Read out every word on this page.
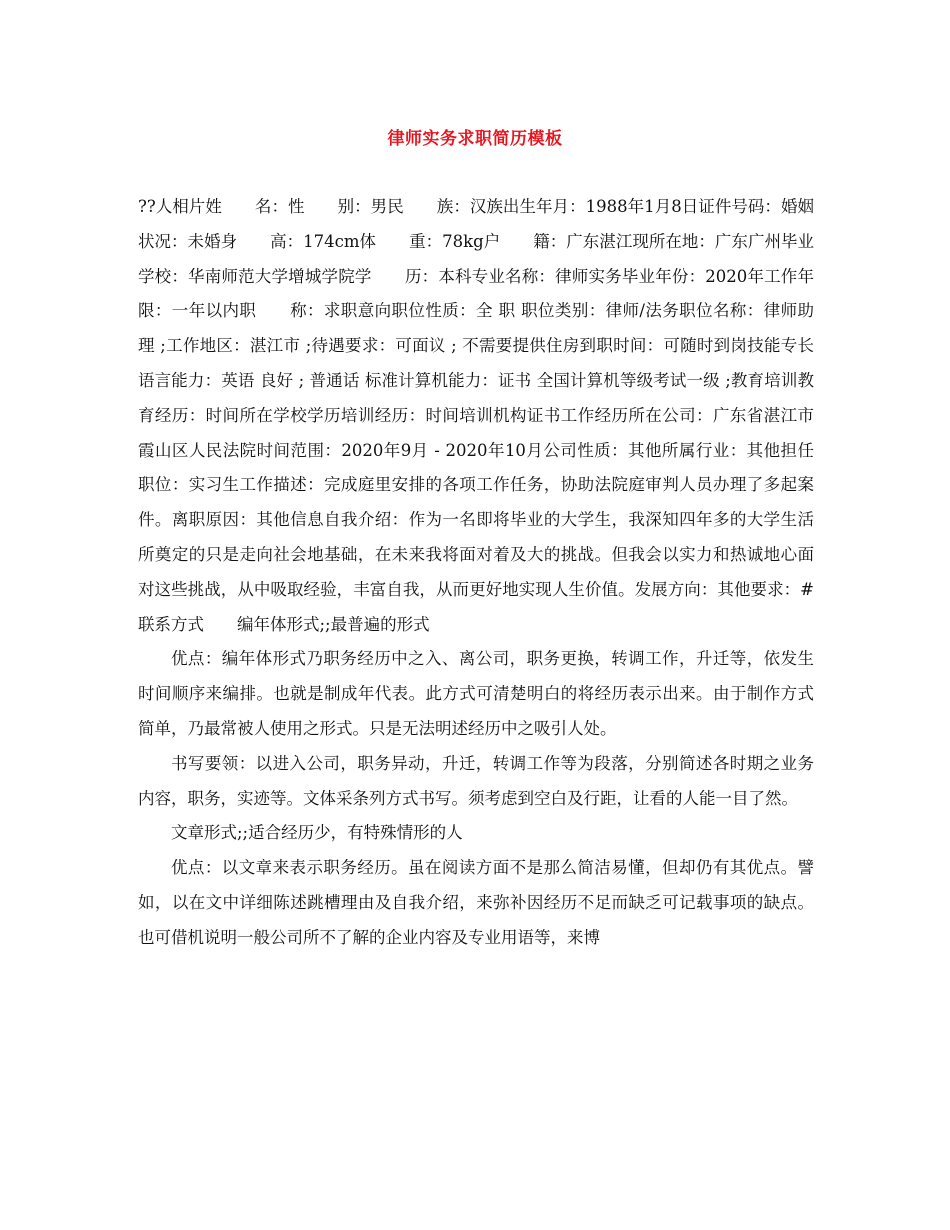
律师实务求职简历模板

??人相片姓　　名：性　　别：男民　　族：汉族出生年月：1988年1月8日证件号码：婚姻状况：未婚身　　高：174cm体　　重：78kg户　　籍：广东湛江现所在地：广东广州毕业学校：华南师范大学增城学院学　　历：本科专业名称：律师实务毕业年份：2020年工作年限：一年以内职　　称：求职意向职位性质：全 职 职位类别：律师/法务职位名称：律师助理 ;工作地区：湛江市 ;待遇要求：可面议 ; 不需要提供住房到职时间：可随时到岗技能专长语言能力：英语 良好 ; 普通话 标准计算机能力：证书 全国计算机等级考试一级 ;教育培训教育经历：时间所在学校学历培训经历：时间培训机构证书工作经历所在公司：广东省湛江市霞山区人民法院时间范围：2020年9月 - 2020年10月公司性质：其他所属行业：其他担任职位：实习生工作描述：完成庭里安排的各项工作任务，协助法院庭审判人员办理了多起案件。离职原因：其他信息自我介绍：作为一名即将毕业的大学生，我深知四年多的大学生活所奠定的只是走向社会地基础，在未来我将面对着及大的挑战。但我会以实力和热诚地心面对这些挑战，从中吸取经验，丰富自我，从而更好地实现人生价值。发展方向：其他要求：# 联系方式　　编年体形式;;最普遍的形式

优点：编年体形式乃职务经历中之入、离公司，职务更换，转调工作，升迁等，依发生时间顺序来编排。也就是制成年代表。此方式可清楚明白的将经历表示出来。由于制作方式简单，乃最常被人使用之形式。只是无法明述经历中之吸引人处。

书写要领：以进入公司，职务异动，升迁，转调工作等为段落，分别简述各时期之业务内容，职务，实迹等。文体采条列方式书写。须考虑到空白及行距，让看的人能一目了然。

文章形式;;适合经历少，有特殊情形的人

优点：以文章来表示职务经历。虽在阅读方面不是那么简洁易懂，但却仍有其优点。譬如，以在文中详细陈述跳槽理由及自我介绍，来弥补因经历不足而缺乏可记载事项的缺点。也可借机说明一般公司所不了解的企业内容及专业用语等，来博
